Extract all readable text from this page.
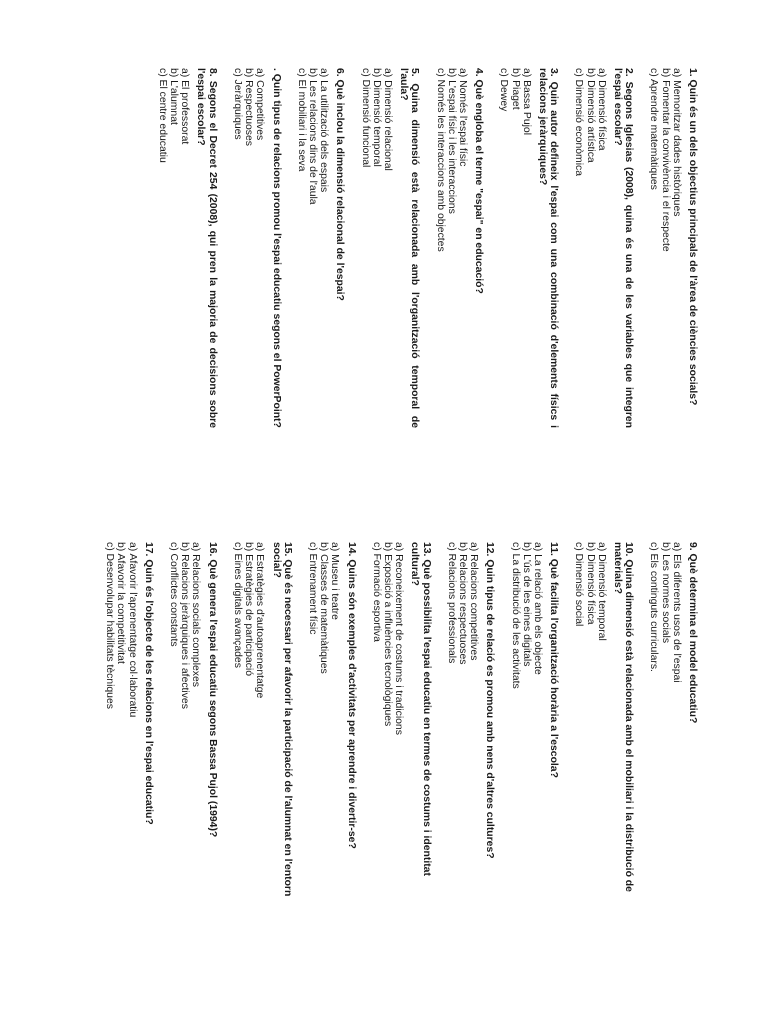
1. Quin és un dels objectius principals de l'àrea de ciències socials?
a) Memoritzar dades històriques
b) Fomentar la convivència i el respecte
c) Aprendre matemàtiques
2. Segons Iglesias (2008), quina és una de les variables que integren l'espai escolar?
a) Dimensió física
b) Dimensió artística
c) Dimensió econòmica
3. Quin autor defineix l'espai com una combinació d'elements físics i relacions jeràrquiques?
a) Bassa Pujol
b) Piaget
c) Dewey
4. Què engloba el terme "espai" en educació?
a) Només l'espai físic
b) L'espai físic i les interaccions
c) Només les interaccions amb objectes
5. Quina dimensió està relacionada amb l'organització temporal de l'aula?
a) Dimensió relacional
b) Dimensió temporal
c) Dimensió funcional
6. Què inclou la dimensió relacional de l'espai?
a) La utilització dels espais
b) Les relacions dins de l'aula
c) El mobiliari i la seva
. Quin tipus de relacions promou l'espai educatiu segons el PowerPoint?
a) Competitives
b) Respectuoses
c) Jeràrquiques
8. Segons el Decret 254 (2008), qui pren la majoria de decisions sobre l'espai escolar?
a) El professorat
b) L'alumnat
c) El centre educatiu
9. Què determina el model educatiu?
a) Els diferents usos de l'espai
b) Les normes socials
c) Els continguts curriculars.
10. Quina dimensió està relacionada amb el mobiliari i la distribució de materials?
a) Dimensió temporal
b) Dimensió física
c) Dimensió social
11. Què facilita l'organització horària a l'escola?
a) La relació amb els objecte
b) L'ús de les eines digitals
c) La distribució de les activitats
12. Quin tipus de relació es promou amb nens d'altres cultures?
a) Relacions competitives
b) Relacions respectuoses
c) Relacions professionals
13. Què possibilita l'espai educatiu en termes de costums i identitat cultural?
a) Reconeixement de costums i tradicions
b) Exposició a influències tecnològiques
c) Formació esportiva
14. Quins són exemples d'activitats per aprendre i divertir-se?
a) Museu i teatre
b) Classes de matemàtiques
c) Entrenament físic
15. Què és necessari per afavorir la participació de l'alumnat en l'entorn social?
a) Estratègies d'autoaprenentatge
b) Estratègies de participació
c) Eines digitals avançades
16. Què genera l'espai educatiu segons Bassa Pujol (1994)?
a) Relacions socials complexes
b) Relacions jeràrquiques i afectives
c) Conflictes constants
17. Quin és l'objecte de les relacions en l'espai educatiu?
a) Afavorir l'aprenentatge col·laboratiu
b) Afavorir la competitivitat
c) Desenvolupar habilitats tècniques
